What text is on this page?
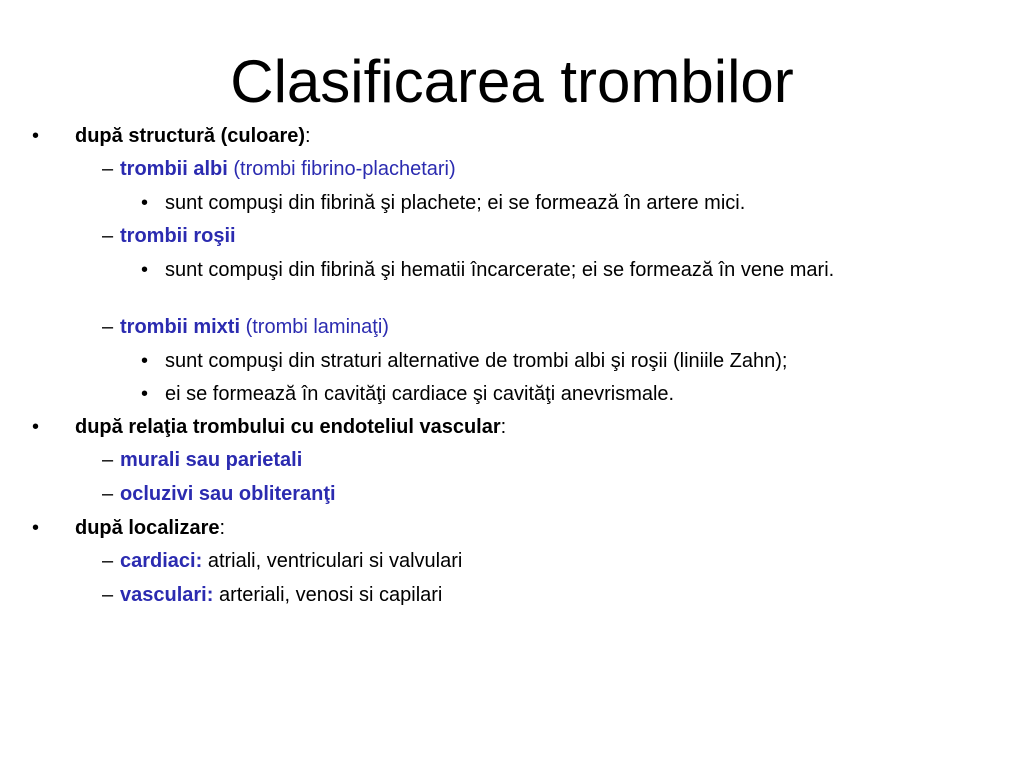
Clasificarea trombilor
• după structură (culoare):
– trombii albi (trombi fibrino-plachetari)
• sunt compuşi din fibrină şi plachete; ei se formează în artere mici.
– trombii roşii
• sunt compuşi din fibrină şi hematii încarcerate; ei se formează în vene mari.
– trombii mixti (trombi laminaţi)
• sunt compuşi din straturi alternative de trombi albi şi roşii (liniile Zahn);
• ei se formează în cavităţi cardiace şi cavităţi anevrismale.
• după relaţia trombului cu endoteliul vascular:
– murali sau parietali
– ocluzivi sau obliteranţi
• după localizare:
– cardiaci: atriali, ventriculari si valvulari
– vasculari: arteriali, venosi si capilari
